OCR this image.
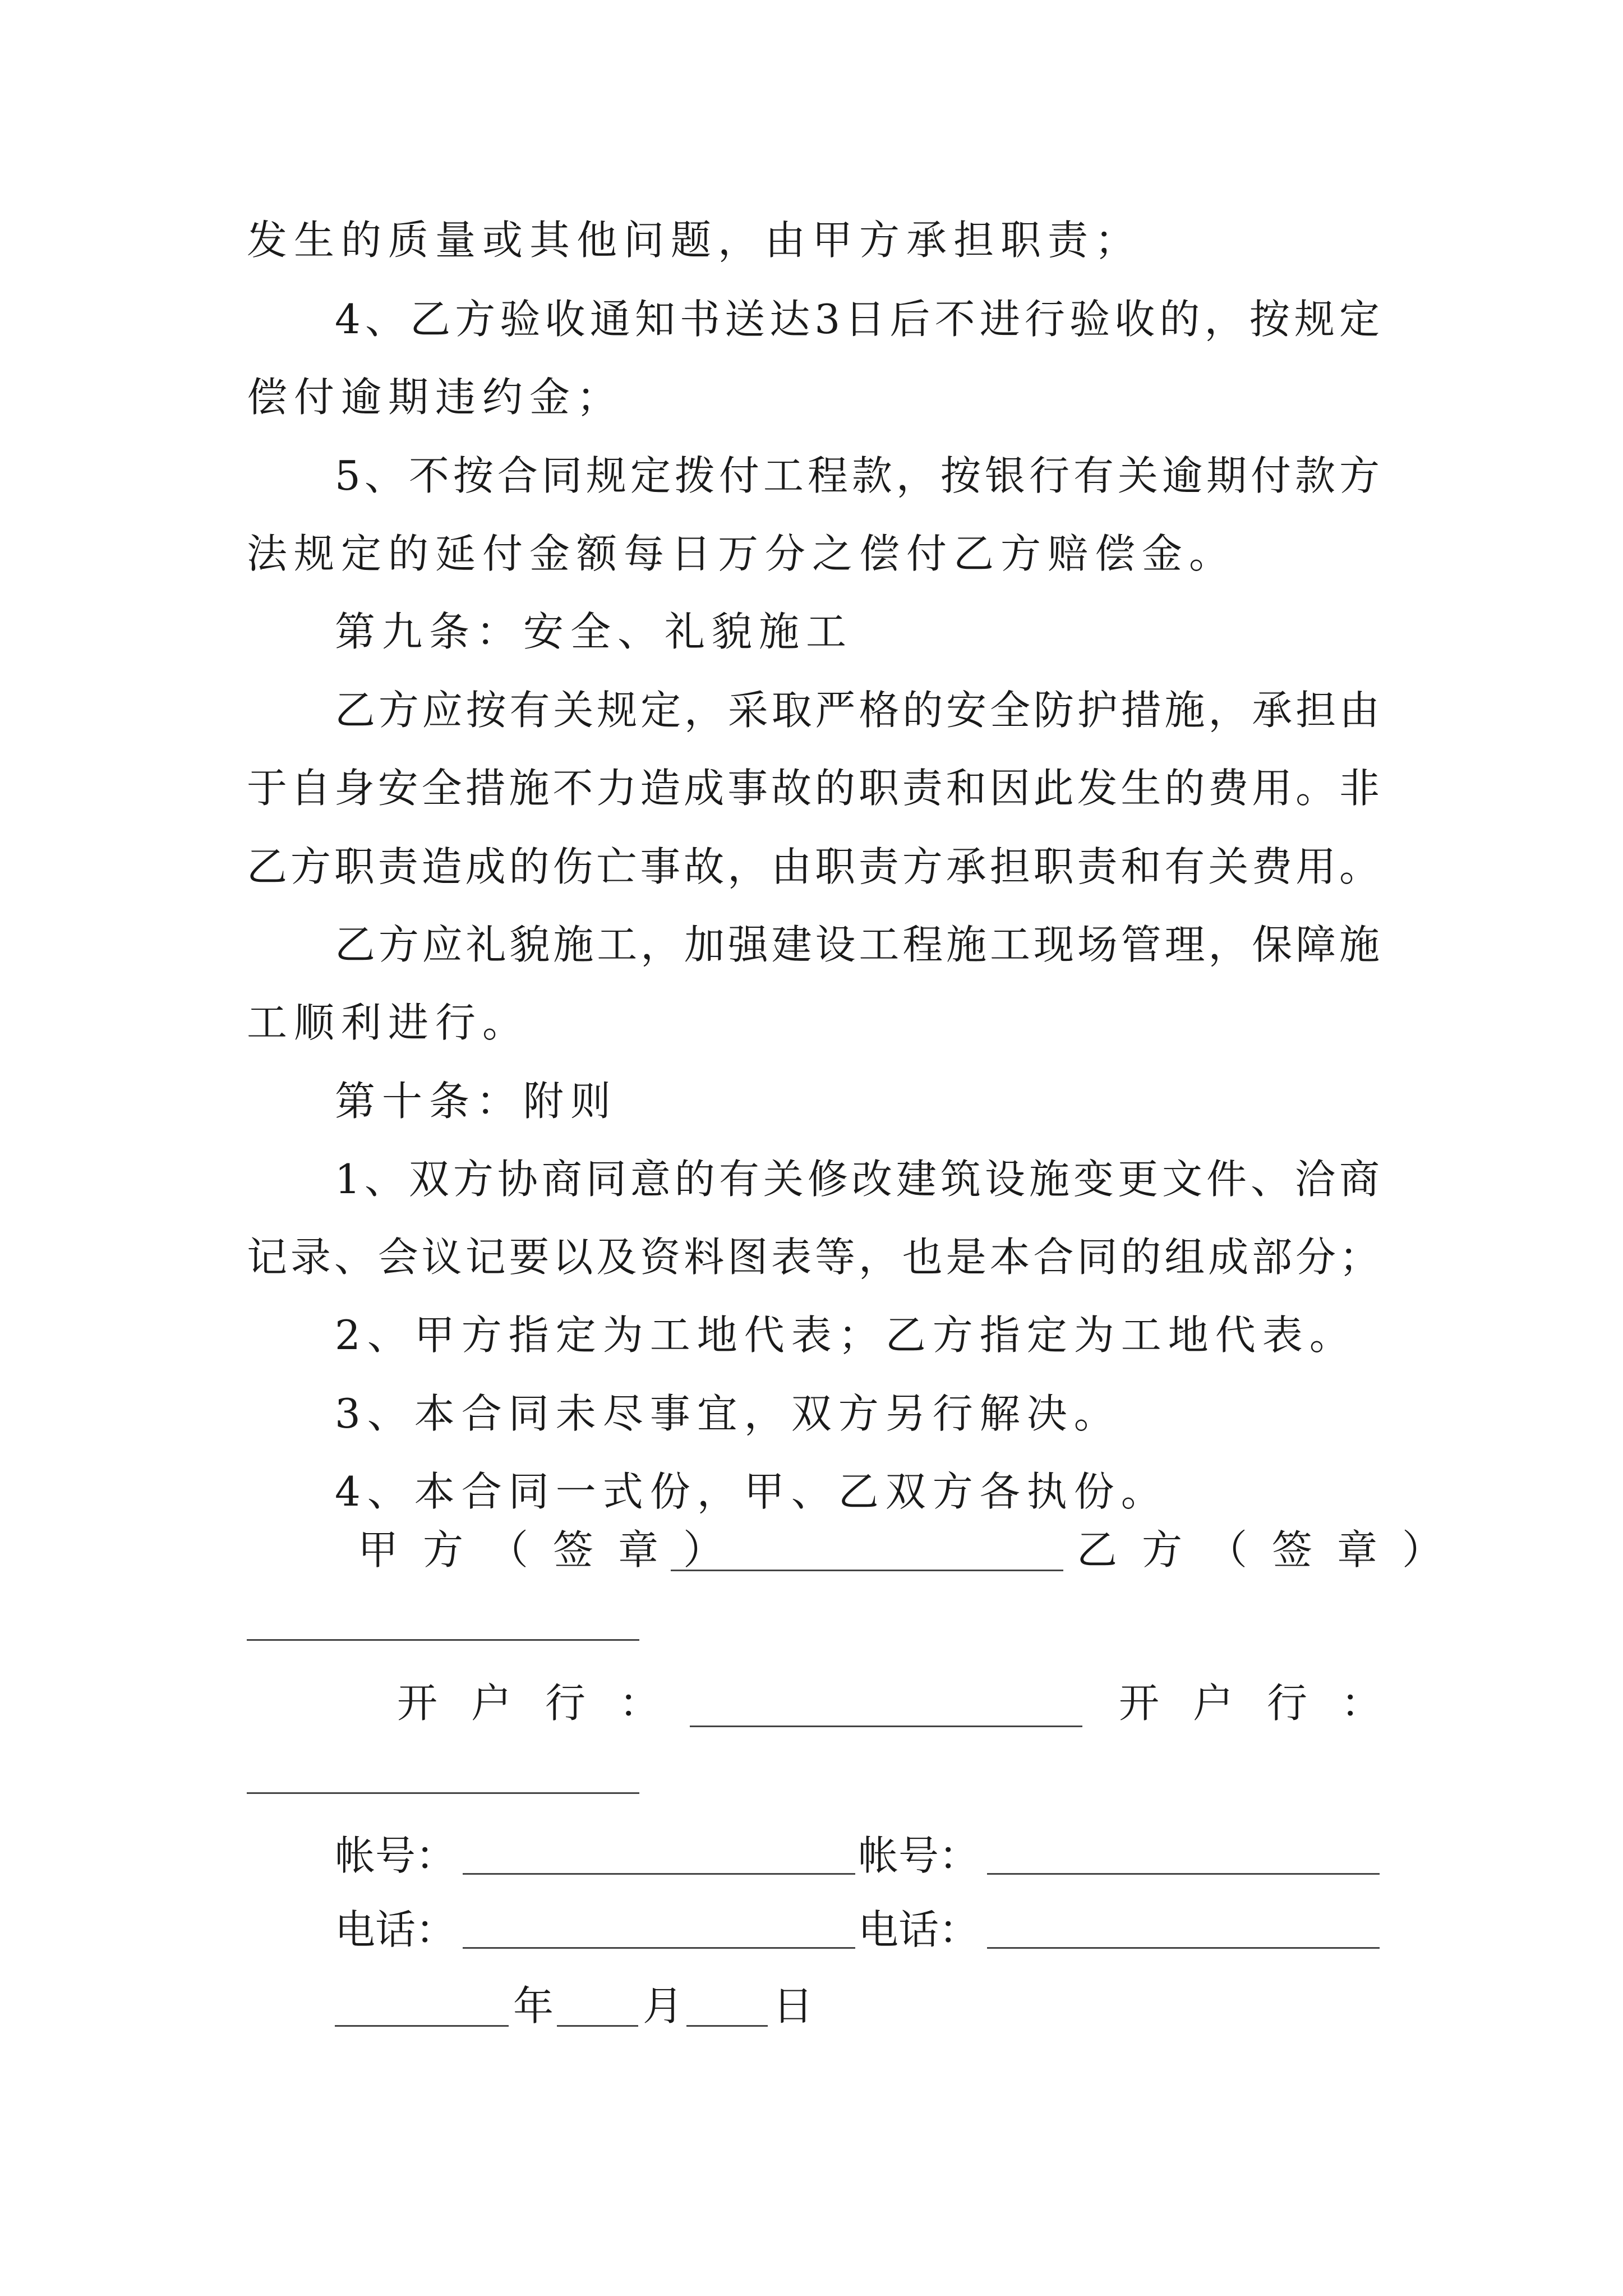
发生的质量或其他问题，由甲方承担职责；
4、乙方验收通知书送达3日后不进行验收的，按规定
偿付逾期违约金；
5、不按合同规定拨付工程款，按银行有关逾期付款方
法规定的延付金额每日万分之偿付乙方赔偿金。
第九条：安全、礼貌施工
乙方应按有关规定，采取严格的安全防护措施，承担由
于自身安全措施不力造成事故的职责和因此发生的费用。非
乙方职责造成的伤亡事故，由职责方承担职责和有关费用。
乙方应礼貌施工，加强建设工程施工现场管理，保障施
工顺利进行。
第十条：附则
1、双方协商同意的有关修改建筑设施变更文件、洽商
记录、会议记要以及资料图表等，也是本合同的组成部分；
2、甲方指定为工地代表；乙方指定为工地代表。
3、本合同未尽事宜，双方另行解决。
4、本合同一式份，甲、乙双方各执份。
甲方（签章）	乙方（签章）
开户行：	开户行：
帐号：	帐号：
电话：	电话：
年 月 日
